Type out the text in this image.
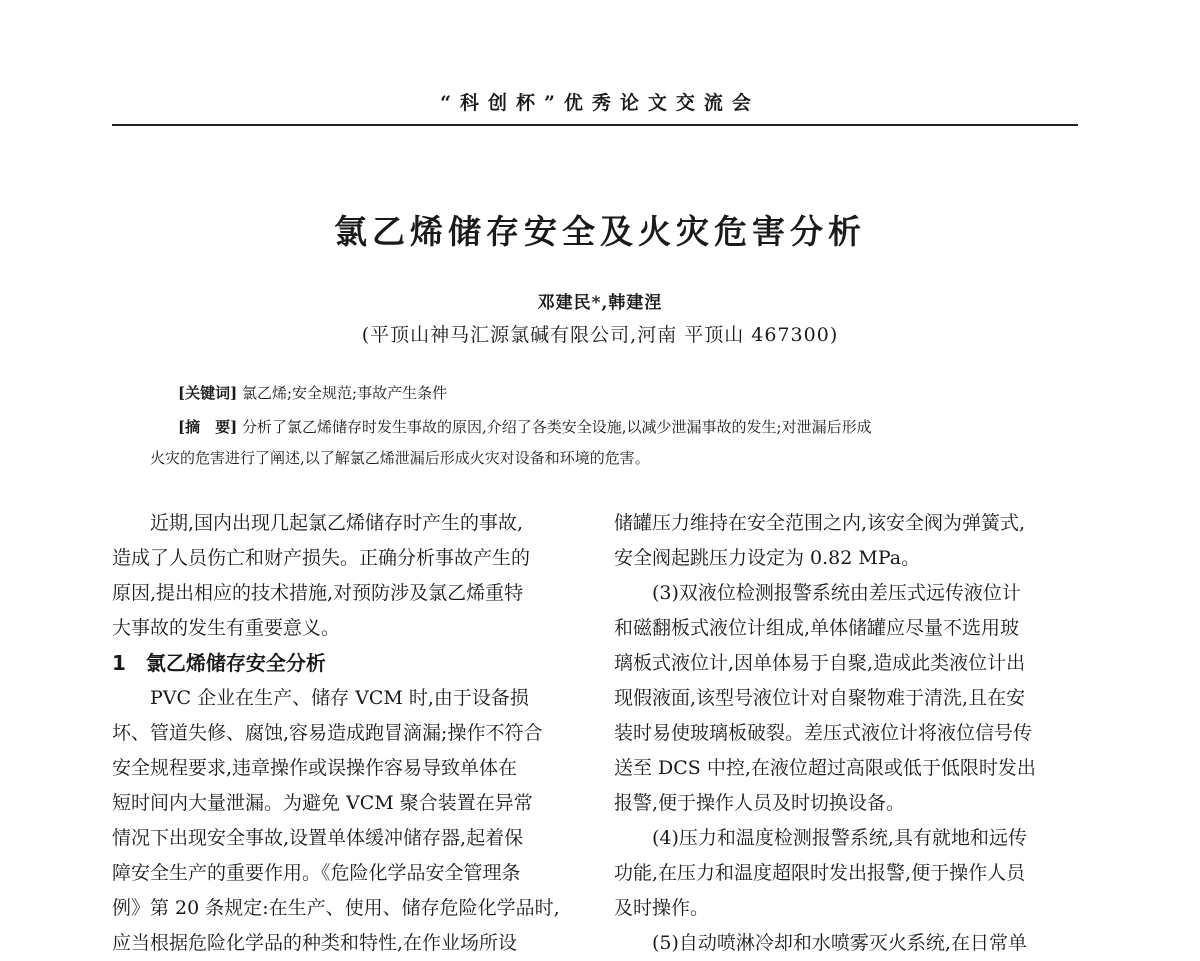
“科创杯”优秀论文交流会
氯乙烯储存安全及火灾危害分析
邓建民*,韩建涅
(平顶山神马汇源氯碱有限公司,河南 平顶山 467300)
[关键词] 氯乙烯;安全规范;事故产生条件
[摘　要] 分析了氯乙烯储存时发生事故的原因,介绍了各类安全设施,以减少泄漏事故的发生;对泄漏后形成
火灾的危害进行了阐述,以了解氯乙烯泄漏后形成火灾对设备和环境的危害。
近期,国内出现几起氯乙烯储存时产生的事故,
造成了人员伤亡和财产损失。正确分析事故产生的
原因,提出相应的技术措施,对预防涉及氯乙烯重特
大事故的发生有重要意义。
1　氯乙烯储存安全分析
PVC 企业在生产、储存 VCM 时,由于设备损
坏、管道失修、腐蚀,容易造成跑冒滴漏;操作不符合
安全规程要求,违章操作或误操作容易导致单体在
短时间内大量泄漏。为避免 VCM 聚合装置在异常
情况下出现安全事故,设置单体缓冲储存器,起着保
障安全生产的重要作用。《危险化学品安全管理条
例》第 20 条规定:在生产、使用、储存危险化学品时,
应当根据危险化学品的种类和特性,在作业场所设
储罐压力维持在安全范围之内,该安全阀为弹簧式,
安全阀起跳压力设定为 0.82 MPa。
(3)双液位检测报警系统由差压式远传液位计
和磁翻板式液位计组成,单体储罐应尽量不选用玻
璃板式液位计,因单体易于自聚,造成此类液位计出
现假液面,该型号液位计对自聚物难于清洗,且在安
装时易使玻璃板破裂。差压式液位计将液位信号传
送至 DCS 中控,在液位超过高限或低于低限时发出
报警,便于操作人员及时切换设备。
(4)压力和温度检测报警系统,具有就地和远传
功能,在压力和温度超限时发出报警,便于操作人员
及时操作。
(5)自动喷淋冷却和水喷雾灭火系统,在日常单
